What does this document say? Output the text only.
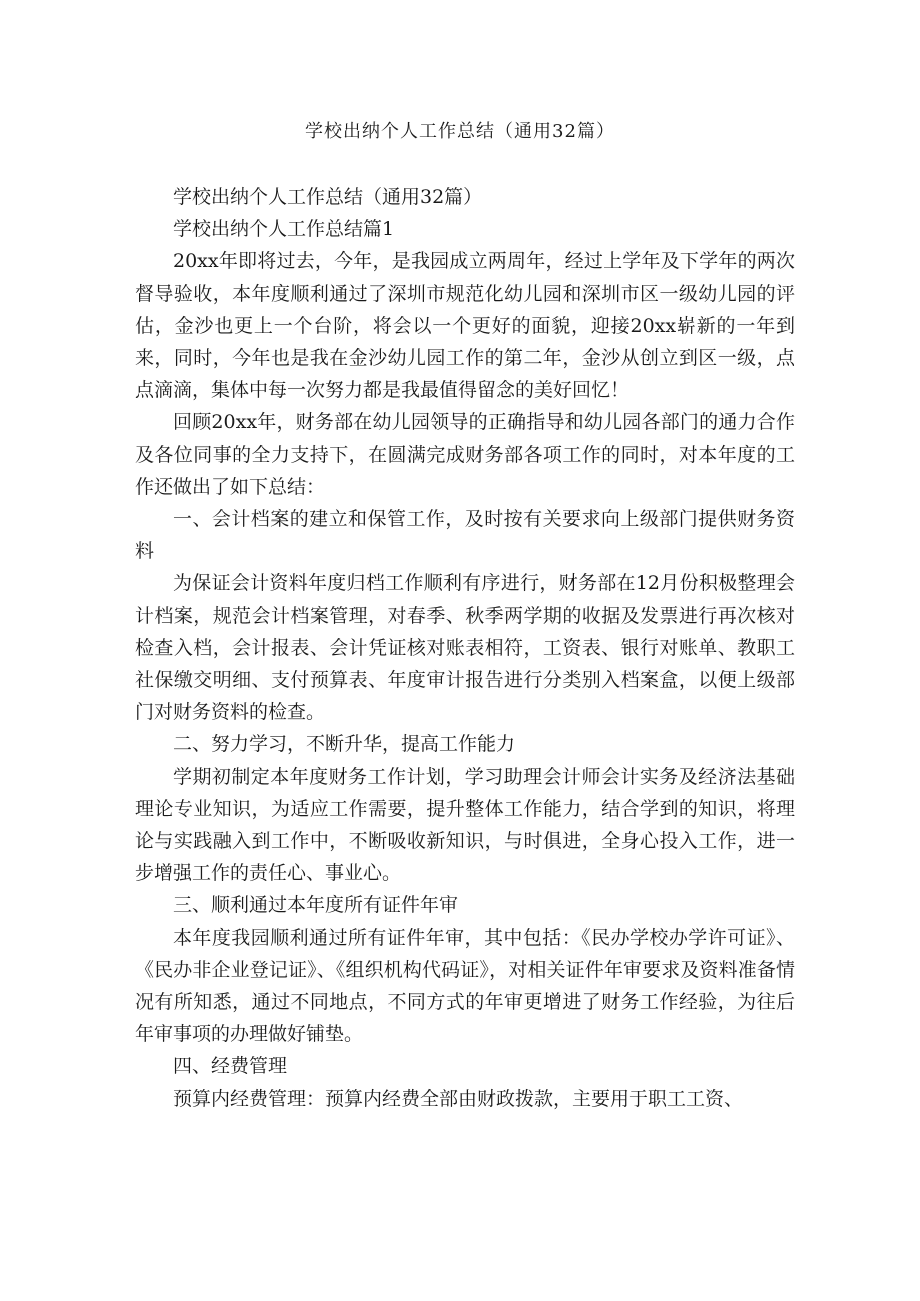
学校出纳个人工作总结（通用32篇）

学校出纳个人工作总结（通用32篇）

学校出纳个人工作总结篇1

20xx年即将过去，今年，是我园成立两周年，经过上学年及下学年的两次督导验收，本年度顺利通过了深圳市规范化幼儿园和深圳市区一级幼儿园的评估，金沙也更上一个台阶，将会以一个更好的面貌，迎接20xx崭新的一年到来，同时，今年也是我在金沙幼儿园工作的第二年，金沙从创立到区一级，点点滴滴，集体中每一次努力都是我最值得留念的美好回忆！

回顾20xx年，财务部在幼儿园领导的正确指导和幼儿园各部门的通力合作及各位同事的全力支持下，在圆满完成财务部各项工作的同时，对本年度的工作还做出了如下总结：

一、会计档案的建立和保管工作，及时按有关要求向上级部门提供财务资料

为保证会计资料年度归档工作顺利有序进行，财务部在12月份积极整理会计档案，规范会计档案管理，对春季、秋季两学期的收据及发票进行再次核对检查入档，会计报表、会计凭证核对账表相符，工资表、银行对账单、教职工社保缴交明细、支付预算表、年度审计报告进行分类别入档案盒，以便上级部门对财务资料的检查。

二、努力学习，不断升华，提高工作能力

学期初制定本年度财务工作计划，学习助理会计师会计实务及经济法基础理论专业知识，为适应工作需要，提升整体工作能力，结合学到的知识，将理论与实践融入到工作中，不断吸收新知识，与时俱进，全身心投入工作，进一步增强工作的责任心、事业心。

三、顺利通过本年度所有证件年审

本年度我园顺利通过所有证件年审，其中包括：《民办学校办学许可证》、《民办非企业登记证》、《组织机构代码证》，对相关证件年审要求及资料准备情况有所知悉，通过不同地点，不同方式的年审更增进了财务工作经验，为往后年审事项的办理做好铺垫。

四、经费管理

预算内经费管理：预算内经费全部由财政拨款，主要用于职工工资、
